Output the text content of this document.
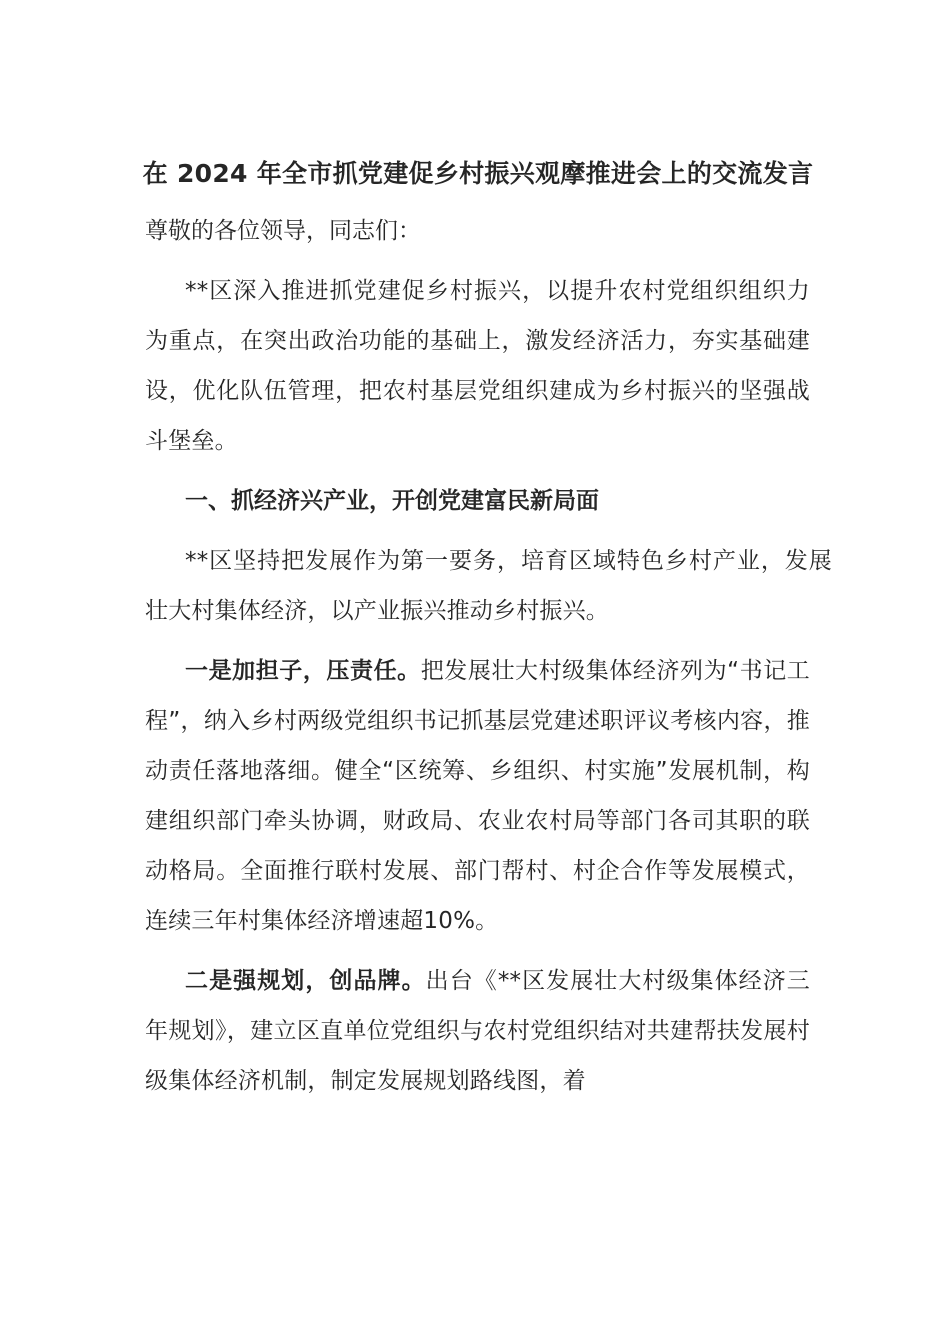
在 2024 年全市抓党建促乡村振兴观摩推进会上的交流发言

尊敬的各位领导，同志们：

**区深入推进抓党建促乡村振兴，以提升农村党组织组织力为重点，在突出政治功能的基础上，激发经济活力，夯实基础建设，优化队伍管理，把农村基层党组织建成为乡村振兴的坚强战斗堡垒。

一、抓经济兴产业，开创党建富民新局面

**区坚持把发展作为第一要务，培育区域特色乡村产业，发展壮大村集体经济，以产业振兴推动乡村振兴。

一是加担子，压责任。把发展壮大村级集体经济列为“书记工程”，纳入乡村两级党组织书记抓基层党建述职评议考核内容，推动责任落地落细。健全“区统筹、乡组织、村实施”发展机制，构建组织部门牵头协调，财政局、农业农村局等部门各司其职的联动格局。全面推行联村发展、部门帮村、村企合作等发展模式，连续三年村集体经济增速超10%。

二是强规划，创品牌。出台《**区发展壮大村级集体经济三年规划》，建立区直单位党组织与农村党组织结对共建帮扶发展村级集体经济机制，制定发展规划路线图，着
